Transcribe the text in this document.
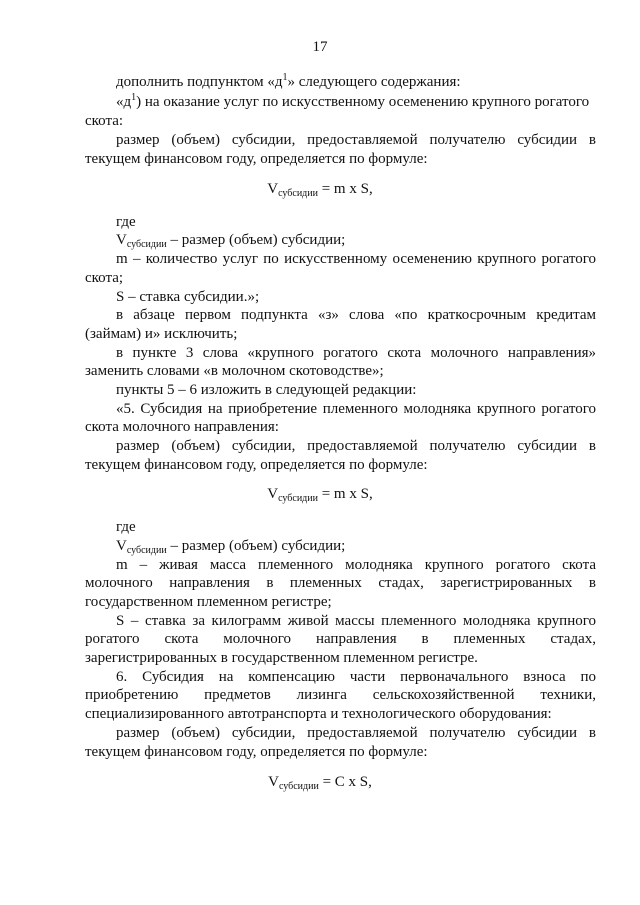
17

дополнить подпунктом «$д^1$» следующего содержания:

«$д^1$) на оказание услуг по искусственному осеменению крупного рогатого

скота:

размер (объем) субсидии, предоставляемой получателю субсидии в

текущем финансовом году, определяется по формуле:

$V_{субсидии} = m$ x S,

где

$V_{субсидии}$ – размер (объем) субсидии;

m – количество услуг по искусственному осеменению крупного рогатого

скота;

S – ставка субсидии.»;

в абзаце первом подпункта «з» слова «по краткосрочным кредитам

(займам) и» исключить;

в пункте 3 слова «крупного рогатого скота молочного направления»

заменить словами «в молочном скотоводстве»;

пункты 5 – 6 изложить в следующей редакции:

«5. Субсидия на приобретение племенного молодняка крупного рогатого

скота молочного направления:

размер (объем) субсидии, предоставляемой получателю субсидии в

текущем финансовом году, определяется по формуле:

$V_{субсидии} = m$ x S,

где

$V_{субсидии}$ – размер (объем) субсидии;

m – живая масса племенного молодняка крупного рогатого скота

молочного направления в племенных стадах, зарегистрированных в

государственном племенном регистре;

S – ставка за килограмм живой массы племенного молодняка крупного

рогатого скота молочного направления в племенных стадах,

зарегистрированных в государственном племенном регистре.

6. Субсидия на компенсацию части первоначального взноса по

приобретению предметов лизинга сельскохозяйственной техники,

специализированного автотранспорта и технологического оборудования:

размер (объем) субсидии, предоставляемой получателю субсидии в

текущем финансовом году, определяется по формуле:

$V_{субсидии} = C$ x S,
